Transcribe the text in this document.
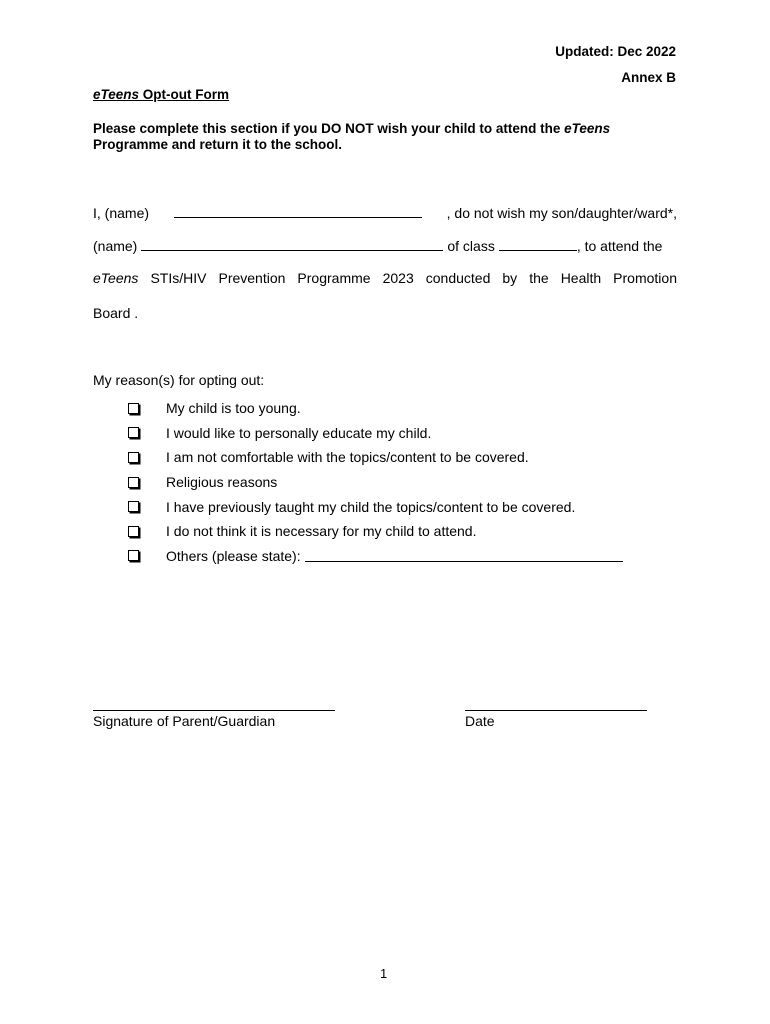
Updated: Dec 2022
Annex B
eTeens Opt-out Form
Please complete this section if you DO NOT wish your child to attend the eTeens Programme and return it to the school.
I, (name)	, do not wish my son/daughter/ward*,
(name)	of class	, to attend the
eTeens STIs/HIV Prevention Programme 2023 conducted by the Health Promotion
Board .
My reason(s) for opting out:
My child is too young.
I would like to personally educate my child.
I am not comfortable with the topics/content to be covered.
Religious reasons
I have previously taught my child the topics/content to be covered.
I do not think it is necessary for my child to attend.
Others (please state):
Signature of Parent/Guardian	Date
1
